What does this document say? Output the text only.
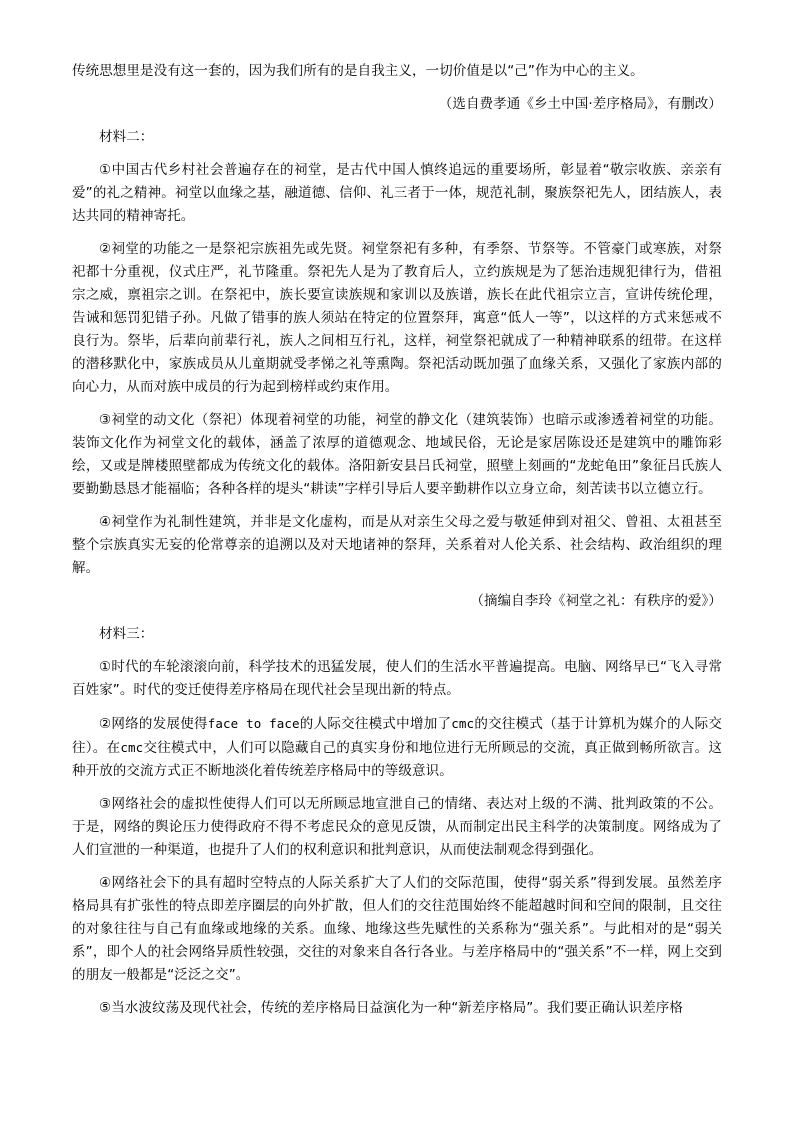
传统思想里是没有这一套的，因为我们所有的是自我主义，一切价值是以“己”作为中心的主义。

（选自费孝通《乡土中国·差序格局》，有删改）

材料二：

①中国古代乡村社会普遍存在的祠堂，是古代中国人慎终追远的重要场所，彰显着“敬宗收族、亲亲有爱”的礼之精神。祠堂以血缘之基，融道德、信仰、礼三者于一体，规范礼制，聚族祭祀先人，团结族人，表达共同的精神寄托。

②祠堂的功能之一是祭祀宗族祖先或先贤。祠堂祭祀有多种，有季祭、节祭等。不管豪门或寒族，对祭祀都十分重视，仪式庄严，礼节隆重。祭祀先人是为了教育后人，立约族规是为了惩治违规犯律行为，借祖宗之威，禀祖宗之训。在祭祀中，族长要宣读族规和家训以及族谱，族长在此代祖宗立言，宣讲传统伦理，告诫和惩罚犯错子孙。凡做了错事的族人须站在特定的位置祭拜，寓意“低人一等”，以这样的方式来惩戒不良行为。祭毕，后辈向前辈行礼，族人之间相互行礼，这样，祠堂祭祀就成了一种精神联系的纽带。在这样的潜移默化中，家族成员从儿童期就受孝悌之礼等熏陶。祭祀活动既加强了血缘关系，又强化了家族内部的向心力，从而对族中成员的行为起到榜样或约束作用。

③祠堂的动文化（祭祀）体现着祠堂的功能，祠堂的静文化（建筑装饰）也暗示或渗透着祠堂的功能。装饰文化作为祠堂文化的载体，涵盖了浓厚的道德观念、地域民俗，无论是家居陈设还是建筑中的雕饰彩绘，又或是牌楼照壁都成为传统文化的载体。洛阳新安县吕氏祠堂，照壁上刻画的“龙蛇龟田”象征吕氏族人要勤勤恳恳才能福临；各种各样的堤头“耕读”字样引导后人要辛勤耕作以立身立命，刻苦读书以立德立行。

④祠堂作为礼制性建筑，并非是文化虚构，而是从对亲生父母之爱与敬延伸到对祖父、曾祖、太祖甚至整个宗族真实无妄的伦常尊亲的追溯以及对天地诸神的祭拜，关系着对人伦关系、社会结构、政治组织的理解。

（摘编自李玲《祠堂之礼：有秩序的爱》）

材料三：

①时代的车轮滚滚向前，科学技术的迅猛发展，使人们的生活水平普遍提高。电脑、网络早已“飞入寻常百姓家”。时代的变迁使得差序格局在现代社会呈现出新的特点。

②网络的发展使得face to face的人际交往模式中增加了cmc的交往模式（基于计算机为媒介的人际交往）。在cmc交往模式中，人们可以隐藏自己的真实身份和地位进行无所顾忌的交流，真正做到畅所欲言。这种开放的交流方式正不断地淡化着传统差序格局中的等级意识。

③网络社会的虚拟性使得人们可以无所顾忌地宣泄自己的情绪、表达对上级的不满、批判政策的不公。于是，网络的舆论压力使得政府不得不考虑民众的意见反馈，从而制定出民主科学的决策制度。网络成为了人们宣泄的一种渠道，也提升了人们的权利意识和批判意识，从而使法制观念得到强化。

④网络社会下的具有超时空特点的人际关系扩大了人们的交际范围，使得“弱关系”得到发展。虽然差序格局具有扩张性的特点即差序圈层的向外扩散，但人们的交往范围始终不能超越时间和空间的限制，且交往的对象往往与自己有血缘或地缘的关系。血缘、地缘这些先赋性的关系称为“强关系”。与此相对的是“弱关系”，即个人的社会网络异质性较强，交往的对象来自各行各业。与差序格局中的“强关系”不一样，网上交到的朋友一般都是“泛泛之交”。

⑤当水波纹荡及现代社会，传统的差序格局日益演化为一种“新差序格局”。我们要正确认识差序格
